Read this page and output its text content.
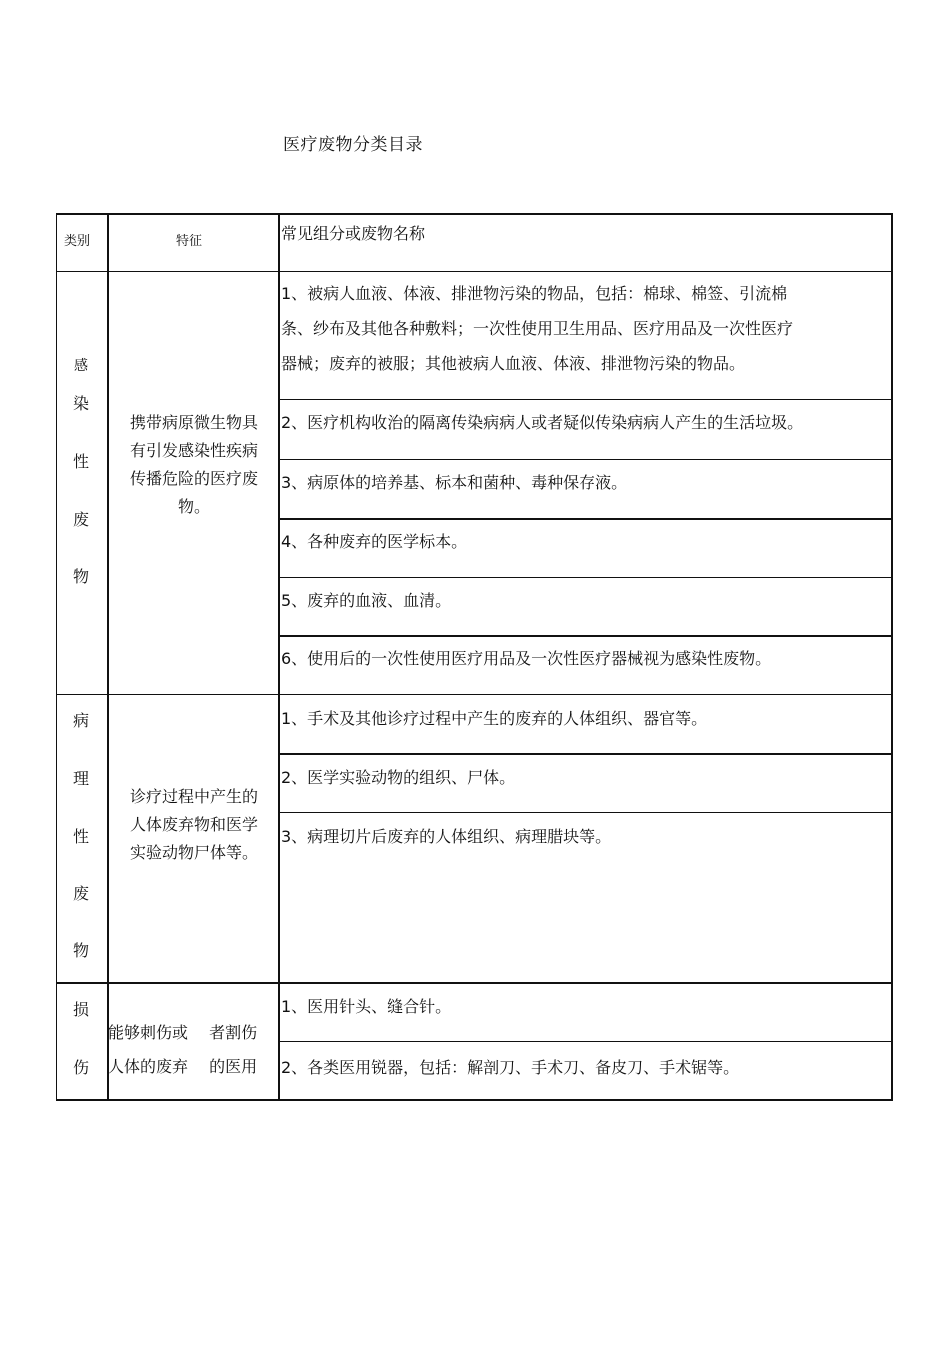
医疗废物分类目录
类别	特征	常见组分或废物名称
感
染
性
废
物
携带病原微生物具
有引发感染性疾病
传播危险的医疗废
物。
1、被病人血液、体液、排泄物污染的物品，包括：棉球、棉签、引流棉
条、纱布及其他各种敷料；一次性使用卫生用品、医疗用品及一次性医疗
器械；废弃的被服；其他被病人血液、体液、排泄物污染的物品。
2、医疗机构收治的隔离传染病病人或者疑似传染病病人产生的生活垃圾。
3、病原体的培养基、标本和菌种、毒种保存液。
4、各种废弃的医学标本。
5、废弃的血液、血清。
6、使用后的一次性使用医疗用品及一次性医疗器械视为感染性废物。
病
理
性
废
物
诊疗过程中产生的
人体废弃物和医学
实验动物尸体等。
1、手术及其他诊疗过程中产生的废弃的人体组织、器官等。
2、医学实验动物的组织、尸体。
3、病理切片后废弃的人体组织、病理腊块等。
损
伤
能够刺伤或　 者割伤
人体的废弃　 的医用
1、医用针头、缝合针。
2、各类医用锐器，包括：解剖刀、手术刀、备皮刀、手术锯等。
